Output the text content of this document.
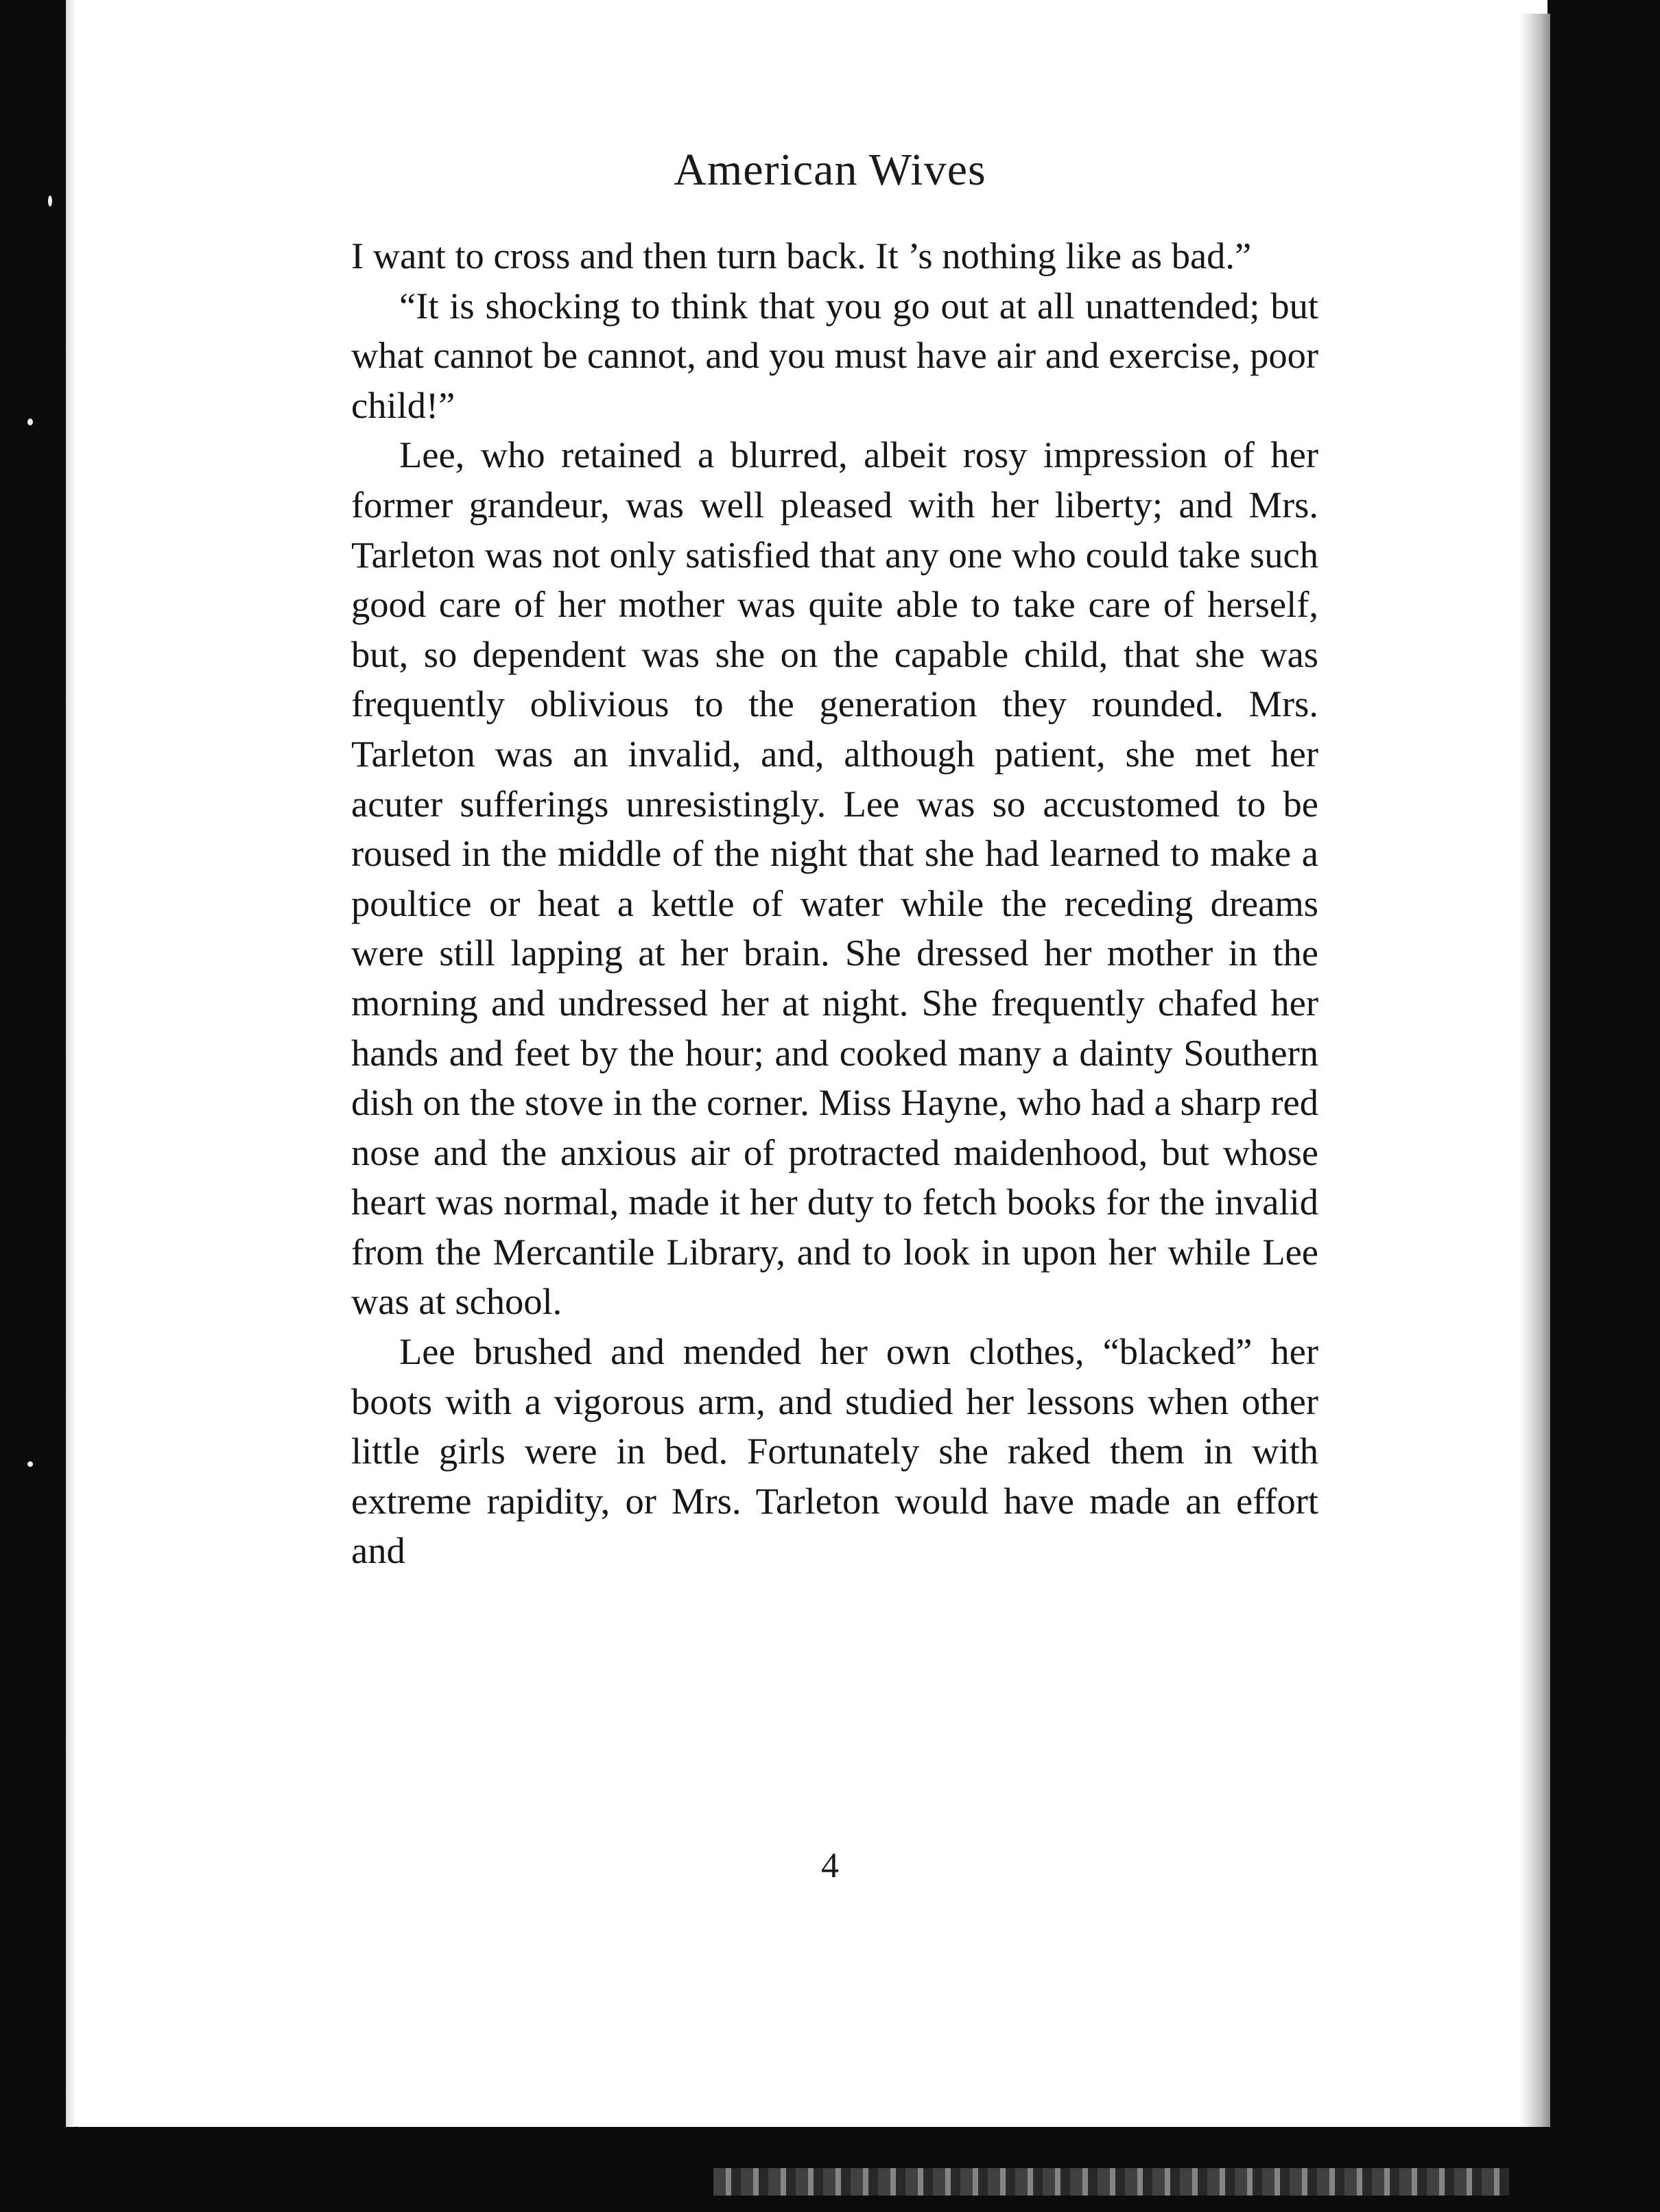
American Wives

I want to cross and then turn back. It ’s nothing like as bad.”

“It is shocking to think that you go out at all unattended; but what cannot be cannot, and you must have air and exercise, poor child!”

Lee, who retained a blurred, albeit rosy impression of her former grandeur, was well pleased with her liberty; and Mrs. Tarleton was not only satisfied that any one who could take such good care of her mother was quite able to take care of herself, but, so dependent was she on the capable child, that she was frequently oblivious to the generation they rounded. Mrs. Tarleton was an invalid, and, although patient, she met her acuter sufferings unresistingly. Lee was so accustomed to be roused in the middle of the night that she had learned to make a poultice or heat a kettle of water while the receding dreams were still lapping at her brain. She dressed her mother in the morning and undressed her at night. She frequently chafed her hands and feet by the hour; and cooked many a dainty Southern dish on the stove in the corner. Miss Hayne, who had a sharp red nose and the anxious air of protracted maidenhood, but whose heart was normal, made it her duty to fetch books for the invalid from the Mercantile Library, and to look in upon her while Lee was at school.

Lee brushed and mended her own clothes, “blacked” her boots with a vigorous arm, and studied her lessons when other little girls were in bed. Fortunately she raked them in with extreme rapidity, or Mrs. Tarleton would have made an effort and

4
